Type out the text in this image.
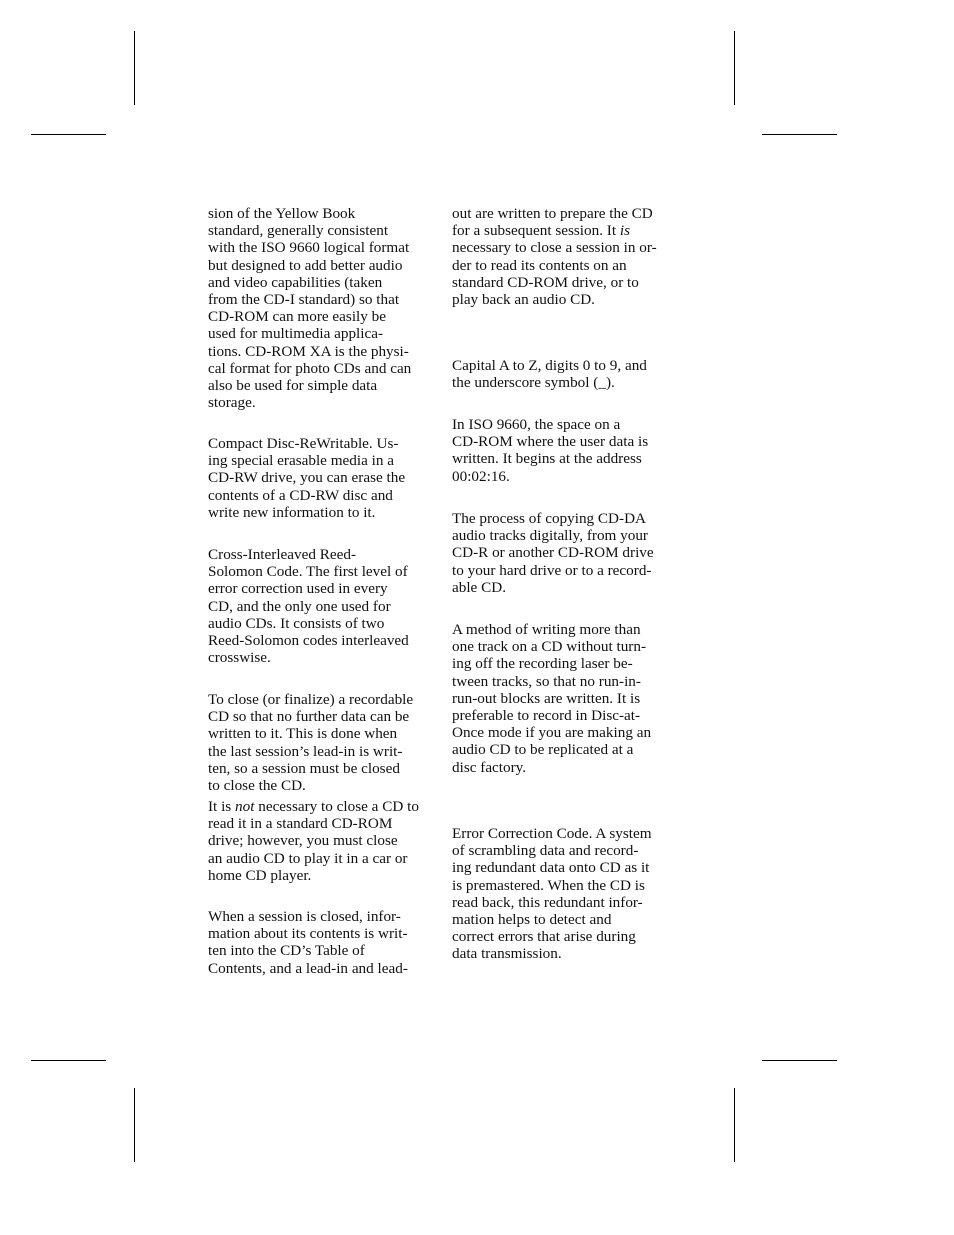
sion of the Yellow Book
standard, generally consistent
with the ISO 9660 logical format
but designed to add better audio
and video capabilities (taken
from the CD-I standard) so that
CD-ROM can more easily be
used for multimedia applica-
tions. CD-ROM XA is the physi-
cal format for photo CDs and can
also be used for simple data
storage.

Compact Disc-ReWritable. Us-
ing special erasable media in a
CD-RW drive, you can erase the
contents of a CD-RW disc and
write new information to it.

Cross-Interleaved Reed-
Solomon Code. The first level of
error correction used in every
CD, and the only one used for
audio CDs. It consists of two
Reed-Solomon codes interleaved
crosswise.

To close (or finalize) a recordable
CD so that no further data can be
written to it. This is done when
the last session’s lead-in is writ-
ten, so a session must be closed
to close the CD.

It is not necessary to close a CD to
read it in a standard CD-ROM
drive; however, you must close
an audio CD to play it in a car or
home CD player.

When a session is closed, infor-
mation about its contents is writ-
ten into the CD’s Table of
Contents, and a lead-in and lead-

out are written to prepare the CD
for a subsequent session. It is
necessary to close a session in or-
der to read its contents on an
standard CD-ROM drive, or to
play back an audio CD.

Capital A to Z, digits 0 to 9, and
the underscore symbol (_).

In ISO 9660, the space on a
CD-ROM where the user data is
written. It begins at the address
00:02:16.

The process of copying CD-DA
audio tracks digitally, from your
CD-R or another CD-ROM drive
to your hard drive or to a record-
able CD.

A method of writing more than
one track on a CD without turn-
ing off the recording laser be-
tween tracks, so that no run-in-
run-out blocks are written. It is
preferable to record in Disc-at-
Once mode if you are making an
audio CD to be replicated at a
disc factory.

Error Correction Code. A system
of scrambling data and record-
ing redundant data onto CD as it
is premastered. When the CD is
read back, this redundant infor-
mation helps to detect and
correct errors that arise during
data transmission.
